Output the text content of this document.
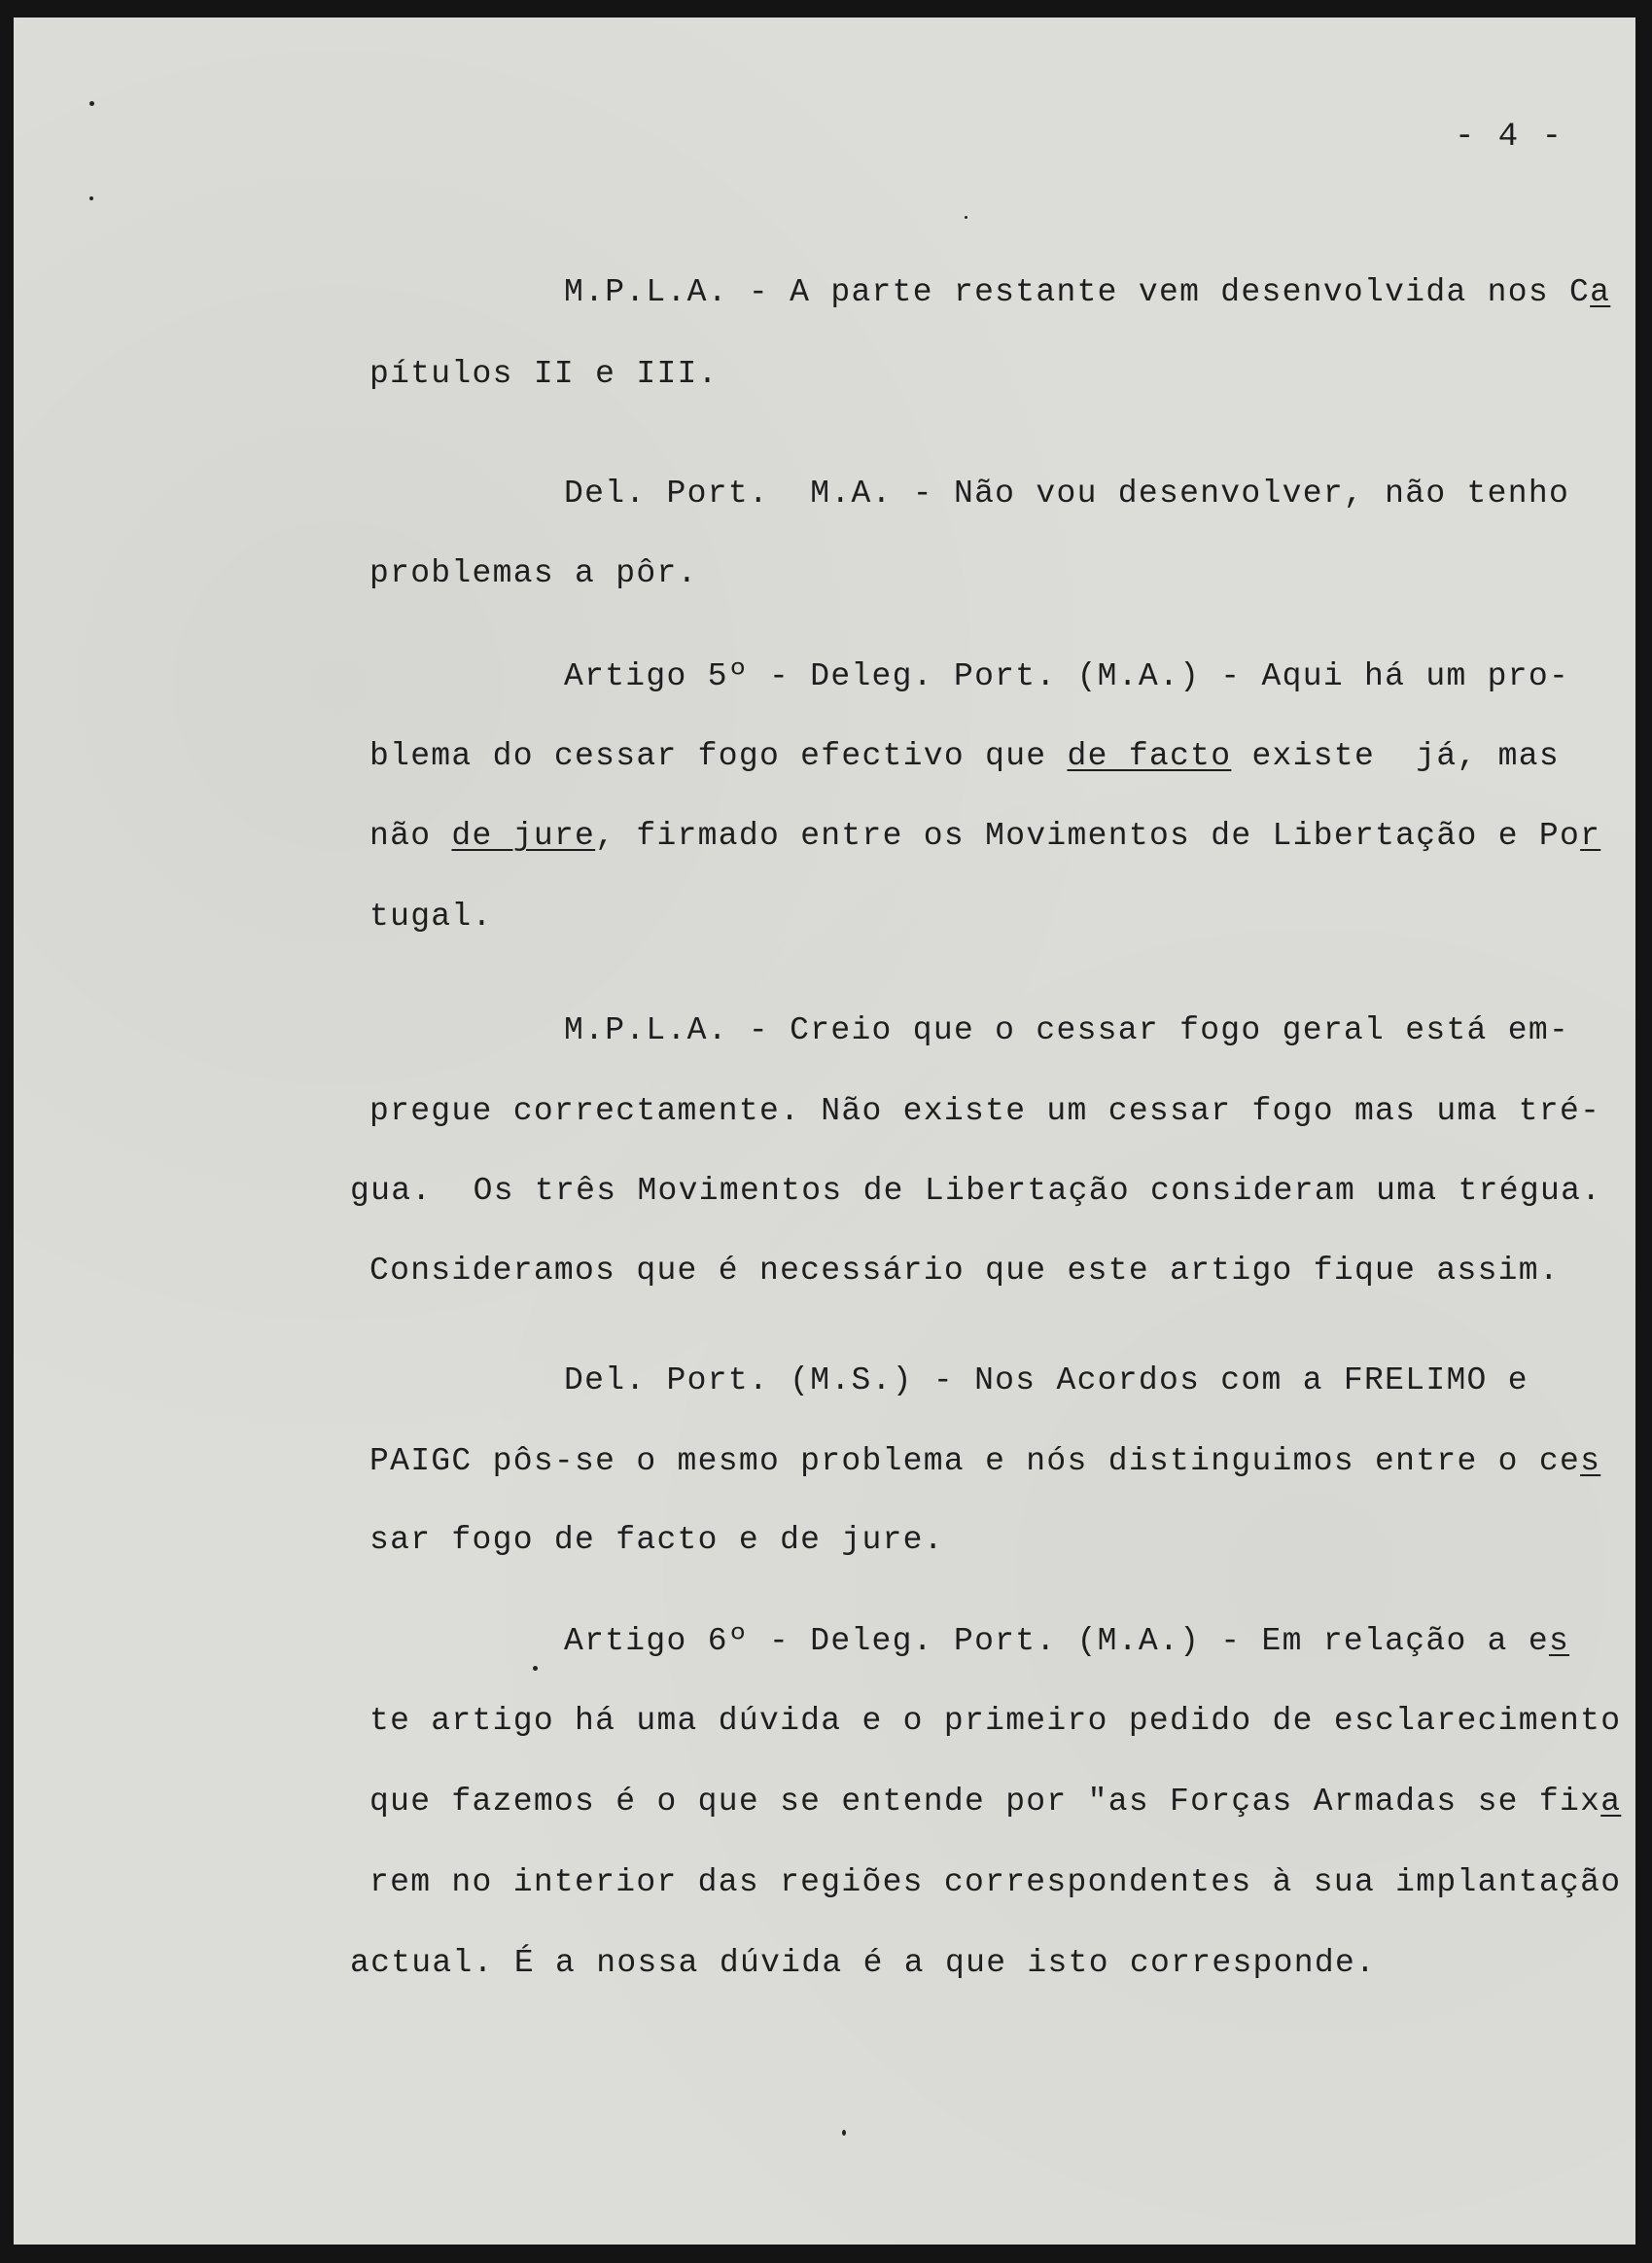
- 4 -
M.P.L.A. - A parte restante vem desenvolvida nos Ca
pítulos II e III.
Del. Port.  M.A. - Não vou desenvolver, não tenho
problemas a pôr.
Artigo 5º - Deleg. Port. (M.A.) - Aqui há um pro-
blema do cessar fogo efectivo que de facto existe  já, mas
não de jure, firmado entre os Movimentos de Libertação e Por
tugal.
M.P.L.A. - Creio que o cessar fogo geral está em-
pregue correctamente. Não existe um cessar fogo mas uma tré-
gua.  Os três Movimentos de Libertação consideram uma trégua.
Consideramos que é necessário que este artigo fique assim.
Del. Port. (M.S.) - Nos Acordos com a FRELIMO e
PAIGC pôs-se o mesmo problema e nós distinguimos entre o ces
sar fogo de facto e de jure.
Artigo 6º - Deleg. Port. (M.A.) - Em relação a es
te artigo há uma dúvida e o primeiro pedido de esclarecimento
que fazemos é o que se entende por "as Forças Armadas se fixa
rem no interior das regiões correspondentes à sua implantação
actual. É a nossa dúvida é a que isto corresponde.
